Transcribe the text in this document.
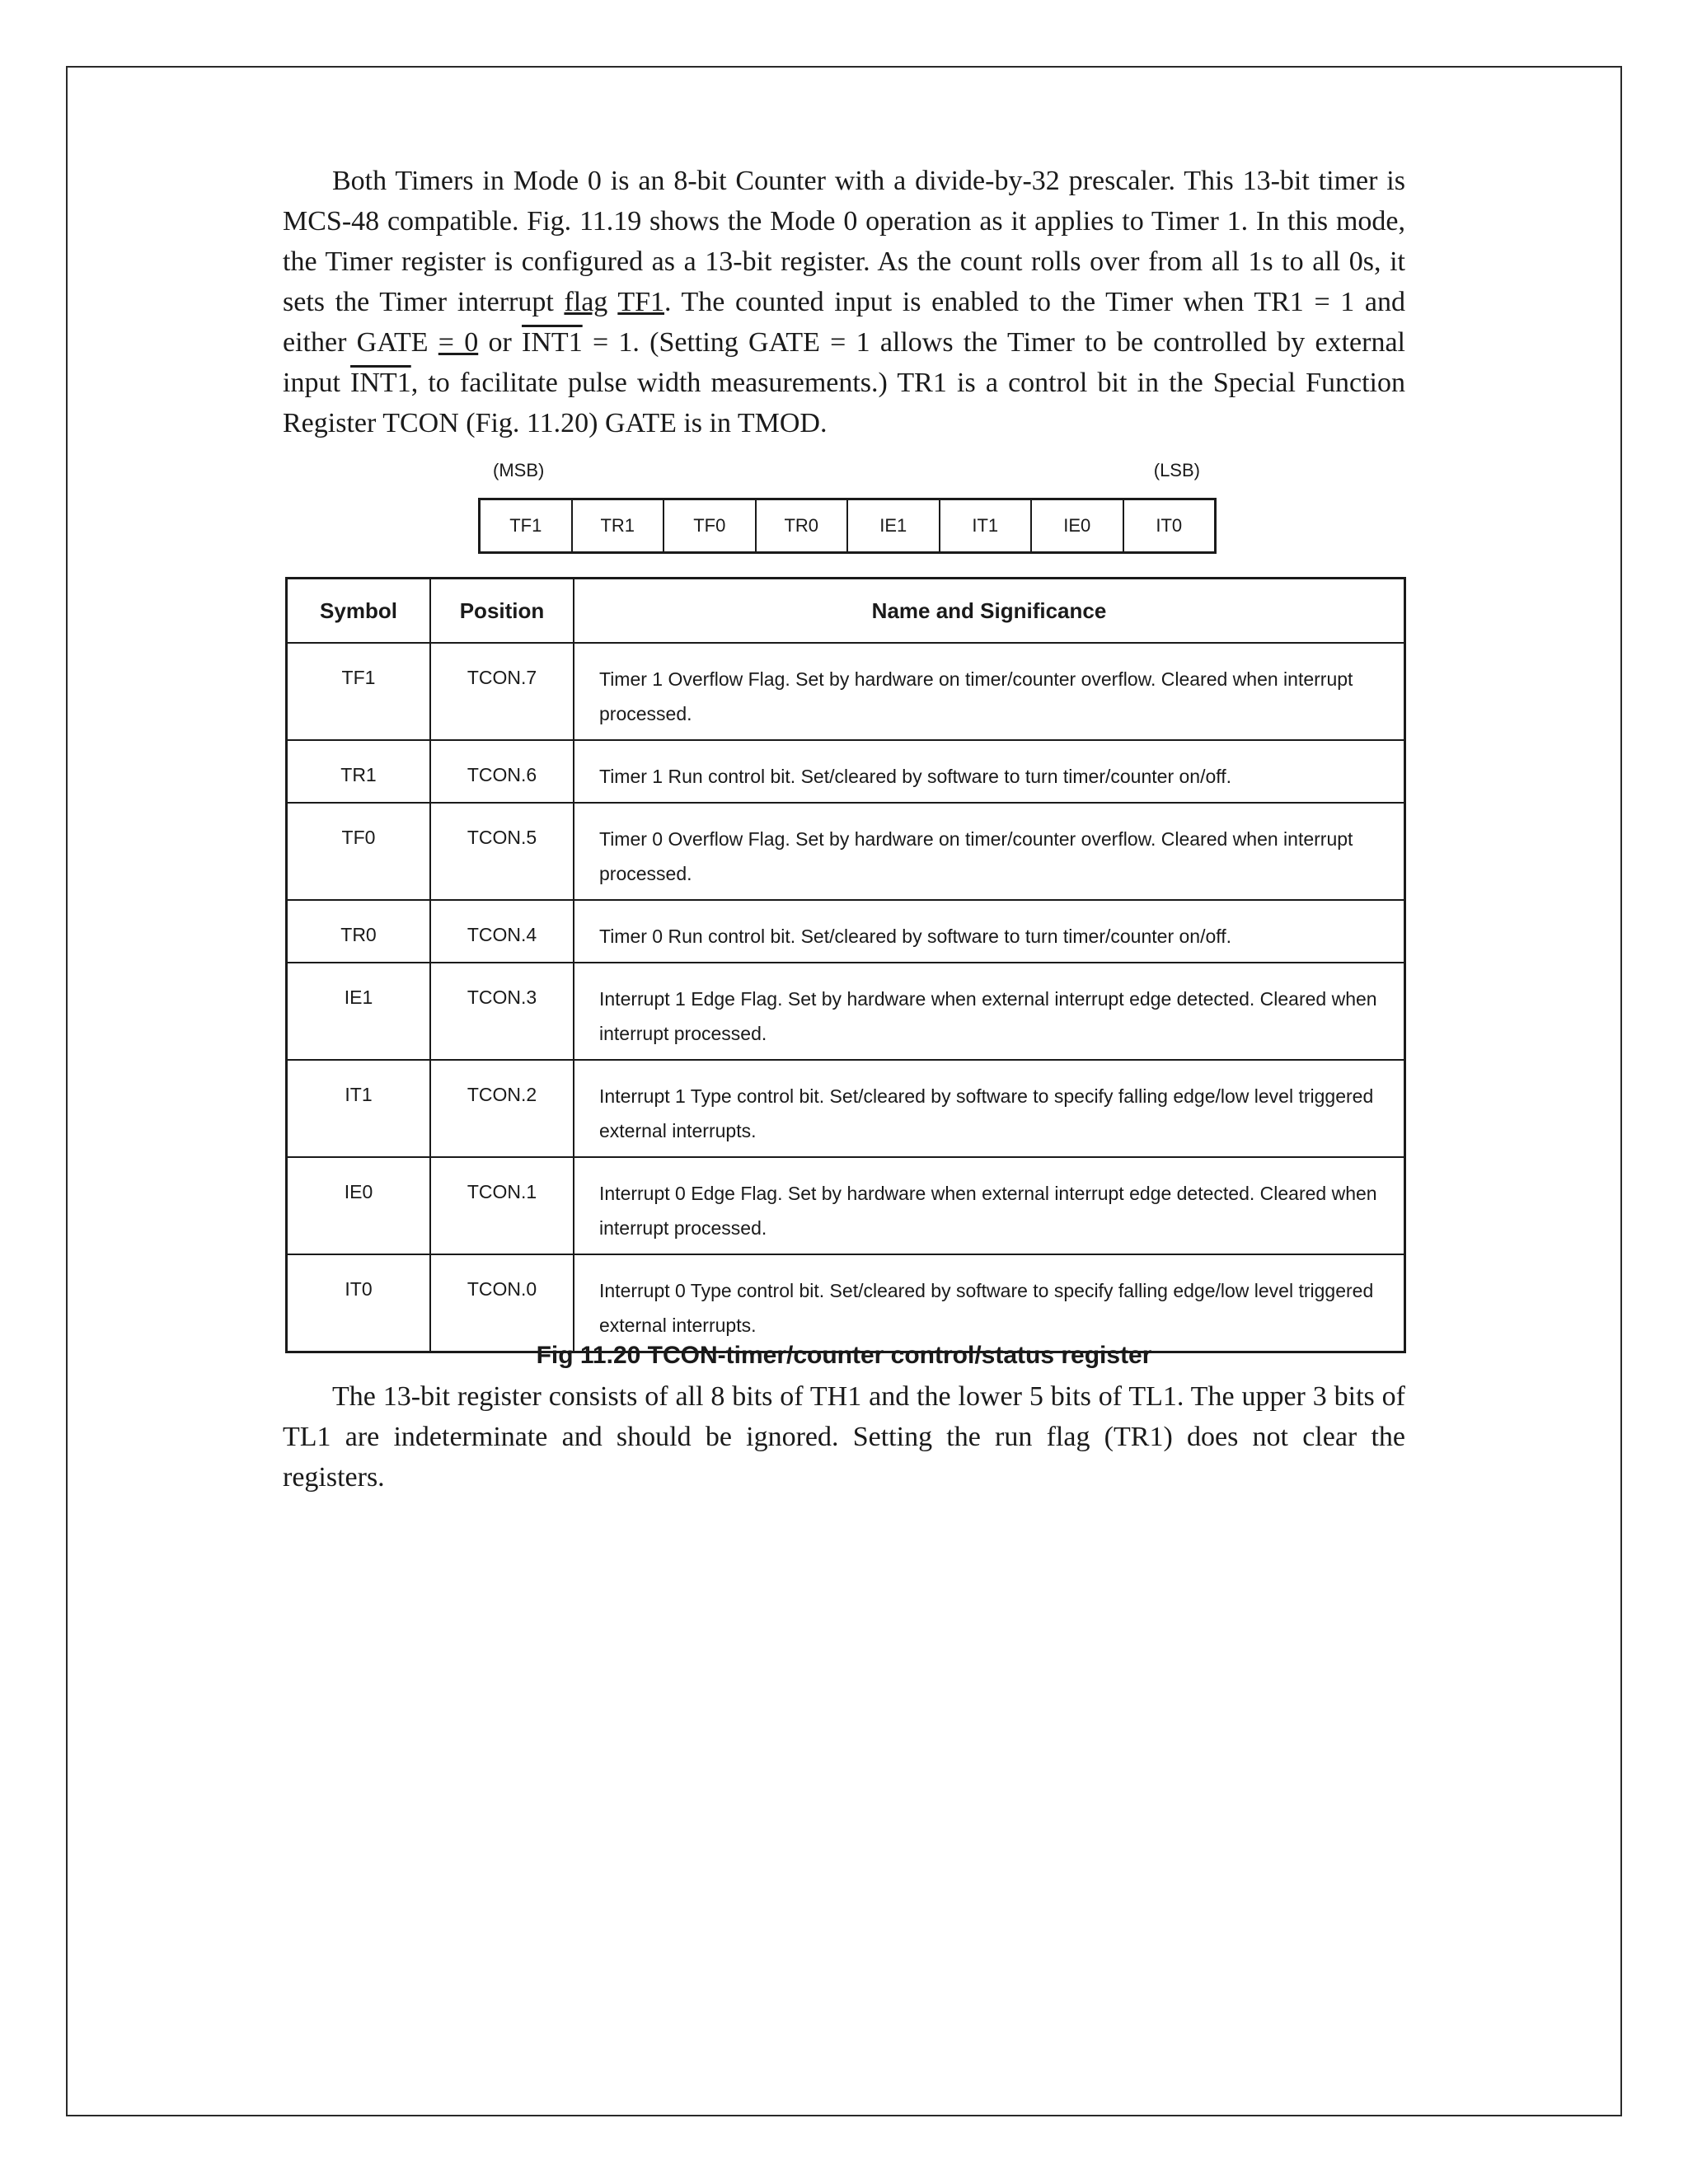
Both Timers in Mode 0 is an 8-bit Counter with a divide-by-32 prescaler. This 13-bit timer is MCS-48 compatible. Fig. 11.19 shows the Mode 0 operation as it applies to Timer 1. In this mode, the Timer register is configured as a 13-bit register. As the count rolls over from all 1s to all 0s, it sets the Timer interrupt flag TF1. The counted input is enabled to the Timer when TR1 = 1 and either GATE = 0 or INT1 = 1. (Setting GATE = 1 allows the Timer to be controlled by external input INT1, to facilitate pulse width measurements.) TR1 is a control bit in the Special Function Register TCON (Fig. 11.20) GATE is in TMOD.

(MSB)	(LSB)
TF1	TR1	TF0	TR0	IE1	IT1	IE0	IT0
Symbol	Position	Name and Significance
TF1	TCON.7	Timer 1 Overflow Flag. Set by hardware on timer/counter overflow. Cleared when interrupt processed.
TR1	TCON.6	Timer 1 Run control bit. Set/cleared by software to turn timer/counter on/off.
TF0	TCON.5	Timer 0 Overflow Flag. Set by hardware on timer/counter overflow. Cleared when interrupt processed.
TR0	TCON.4	Timer 0 Run control bit. Set/cleared by software to turn timer/counter on/off.
IE1	TCON.3	Interrupt 1 Edge Flag. Set by hardware when external interrupt edge detected. Cleared when interrupt processed.
IT1	TCON.2	Interrupt 1 Type control bit. Set/cleared by software to specify falling edge/low level triggered external interrupts.
IE0	TCON.1	Interrupt 0 Edge Flag. Set by hardware when external interrupt edge detected. Cleared when interrupt processed.
IT0	TCON.0	Interrupt 0 Type control bit. Set/cleared by software to specify falling edge/low level triggered external interrupts.
Fig 11.20 TCON-timer/counter control/status register

The 13-bit register consists of all 8 bits of TH1 and the lower 5 bits of TL1. The upper 3 bits of TL1 are indeterminate and should be ignored. Setting the run flag (TR1) does not clear the registers.
